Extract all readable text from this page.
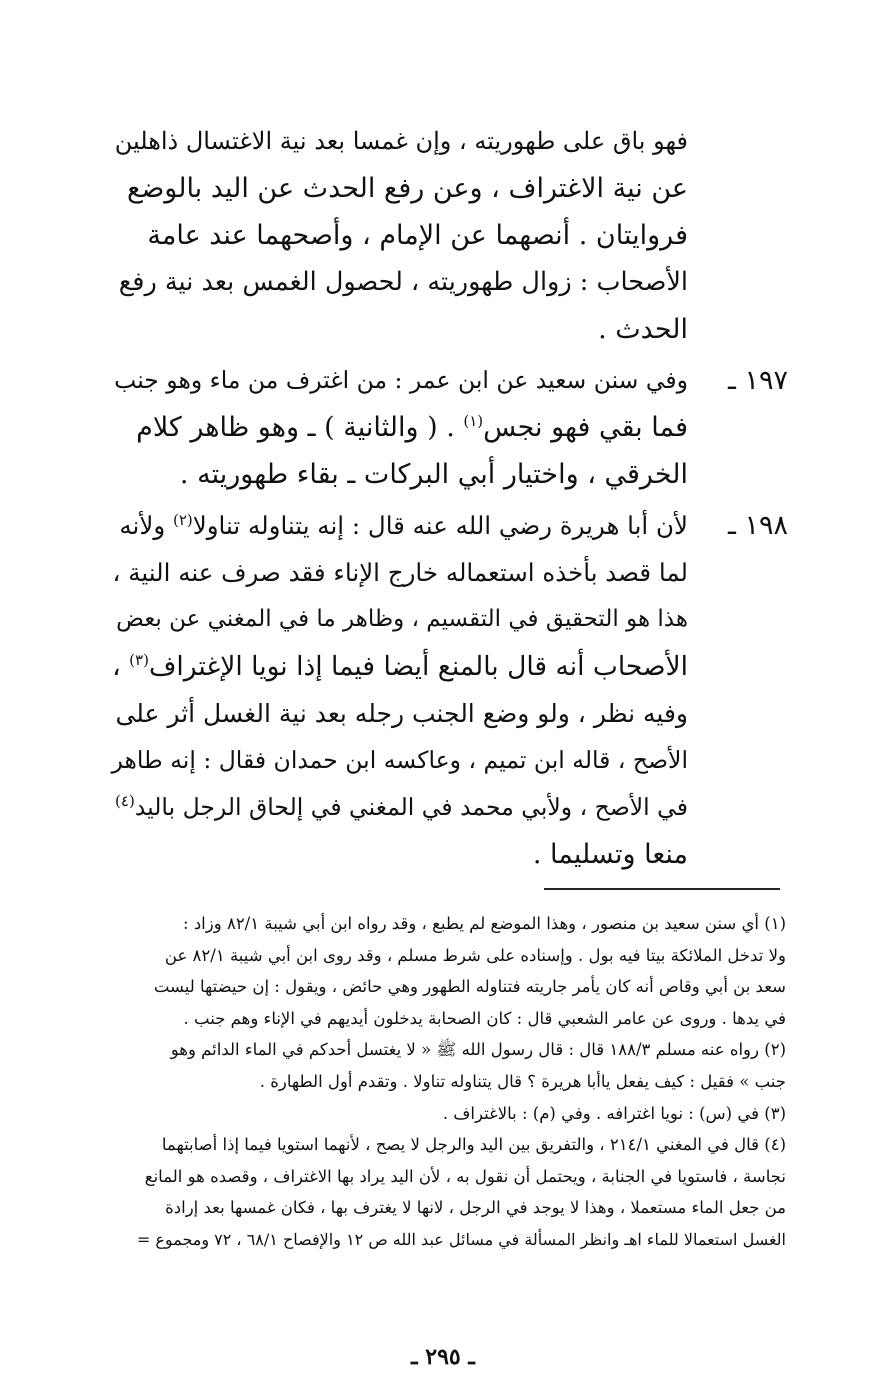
فهو باق على طهوريته ، وإن غمسا بعد نية الاغتسال ذاهلين
عن نية الاغتراف ، وعن رفع الحدث عن اليد بالوضع
فروايتان . أنصهما عن الإمام ، وأصحهما عند عامة
الأصحاب : زوال طهوريته ، لحصول الغمس بعد نية رفع
الحدث .

١٩٧ ـ
وفي سنن سعيد عن ابن عمر : من اغترف من ماء وهو جنب
فما بقي فهو نجس$^{(١)}$ . ( والثانية ) ـ وهو ظاهر كلام
الخرقي ، واختيار أبي البركات ـ بقاء طهوريته .
١٩٨ ـ
لأن أبا هريرة رضي الله عنه قال : إنه يتناوله تناولا$^{(٢)}$ ولأنه
لما قصد بأخذه استعماله خارج الإناء فقد صرف عنه النية ،
هذا هو التحقيق في التقسيم ، وظاهر ما في المغني عن بعض
الأصحاب أنه قال بالمنع أيضا فيما إذا نويا الإغتراف$^{(٣)}$ ،
وفيه نظر ، ولو وضع الجنب رجله بعد نية الغسل أثر على
الأصح ، قاله ابن تميم ، وعاكسه ابن حمدان فقال : إنه طاهر
في الأصح ، ولأبي محمد في المغني في إلحاق الرجل باليد$^{(٤)}$
منعا وتسليما .
(١) أي سنن سعيد بن منصور ، وهذا الموضع لم يطبع ، وقد رواه ابن أبي شيبة ٨٢/١ وزاد :
ولا تدخل الملائكة بيتا فيه بول . وإسناده على شرط مسلم ، وقد روى ابن أبي شيبة ٨٢/١ عن
سعد بن أبي وقاص أنه كان يأمر جاريته فتناوله الطهور وهي حائض ، ويقول : إن حيضتها ليست
في يدها . وروى عن عامر الشعبي قال : كان الصحابة يدخلون أيديهم في الإناء وهم جنب .
(٢) رواه عنه مسلم ١٨٨/٣ قال : قال رسول الله ﷺ « لا يغتسل أحدكم في الماء الدائم وهو
جنب » فقيل : كيف يفعل ياأبا هريرة ؟ قال يتناوله تناولا . وتقدم أول الطهارة .
(٣) في (س) : نويا اغترافه . وفي (م) : بالاغتراف .
(٤) قال في المغني ٢١٤/١ ، والتفريق بين اليد والرجل لا يصح ، لأنهما استويا فيما إذا أصابتهما
نجاسة ، فاستويا في الجنابة ، ويحتمل أن نقول به ، لأن اليد يراد بها الاغتراف ، وقصده هو المانع
من جعل الماء مستعملا ، وهذا لا يوجد في الرجل ، لانها لا يغترف بها ، فكان غمسها بعد إرادة
الغسل استعمالا للماء اهـ وانظر المسألة في مسائل عبد الله ص ١٢ والإفصاح ٦٨/١ ، ٧٢ ومجموع =
ـ ٢٩٥ ـ
